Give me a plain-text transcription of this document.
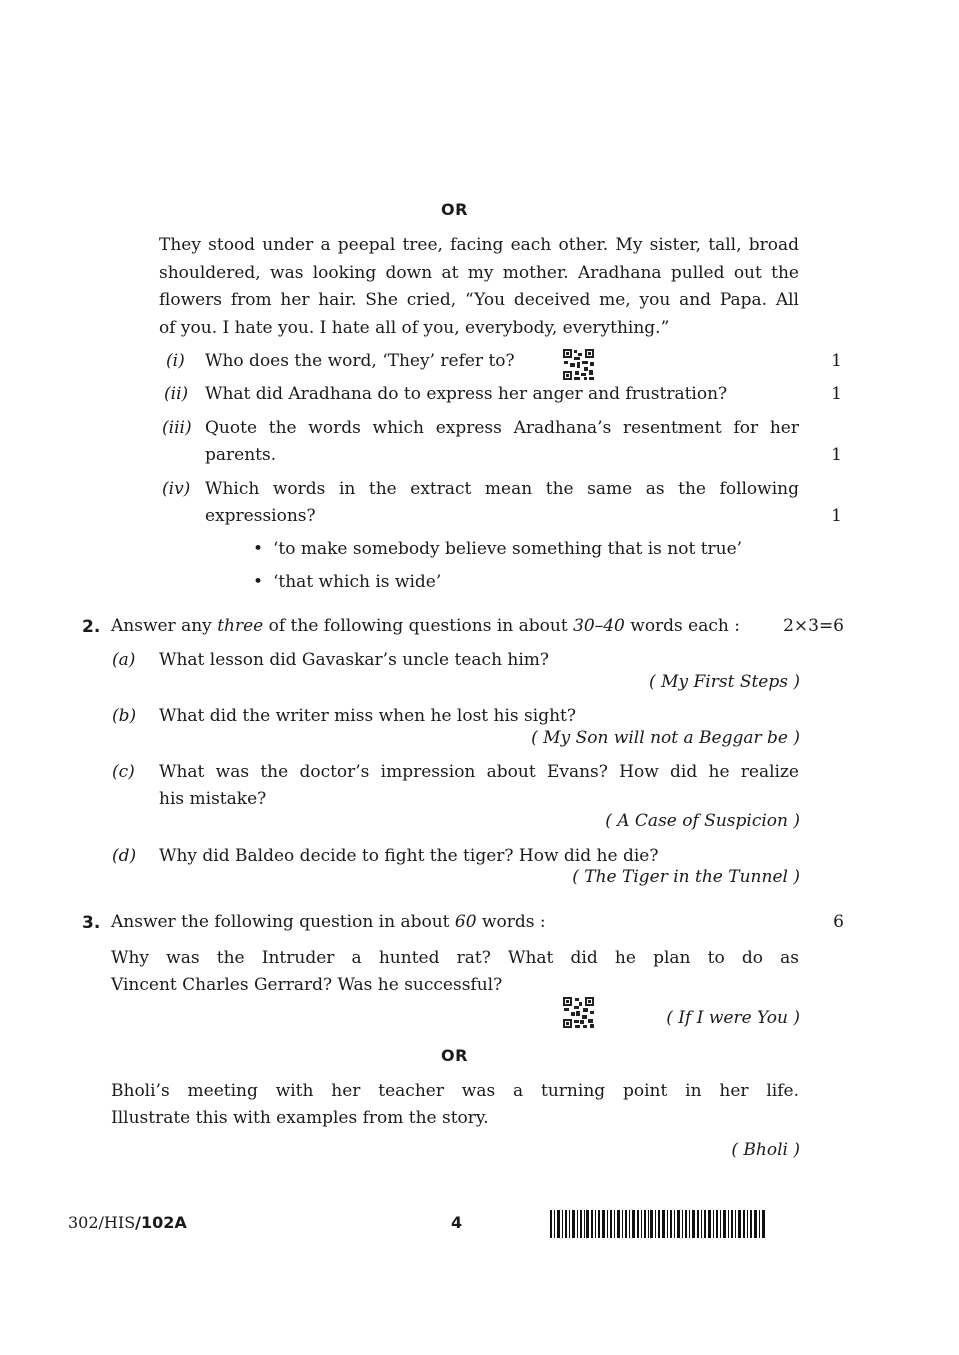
OR
They stood under a peepal tree, facing each other. My sister, tall, broad
shouldered, was looking down at my mother. Aradhana pulled out the
flowers from her hair. She cried, “You deceived me, you and Papa. All
of you. I hate you. I hate all of you, everybody, everything.”
(i) Who does the word, ‘They’ refer to?	1
(ii) What did Aradhana do to express her anger and frustration?	1
(iii) Quote the words which express Aradhana’s resentment for her
parents.	1
(iv) Which words in the extract mean the same as the following
expressions?	1
• ‘to make somebody believe something that is not true’
• ‘that which is wide’
2. Answer any three of the following questions in about 30–40 words each :	2×3=6
(a) What lesson did Gavaskar’s uncle teach him?
( My First Steps )
(b) What did the writer miss when he lost his sight?
( My Son will not a Beggar be )
(c) What was the doctor’s impression about Evans? How did he realize
his mistake?
( A Case of Suspicion )
(d) Why did Baldeo decide to fight the tiger? How did he die?
( The Tiger in the Tunnel )
3. Answer the following question in about 60 words :	6
Why was the Intruder a hunted rat? What did he plan to do as
Vincent Charles Gerrard? Was he successful?
( If I were You )
OR
Bholi’s meeting with her teacher was a turning point in her life.
Illustrate this with examples from the story.
( Bholi )
302/HIS/102A	4
